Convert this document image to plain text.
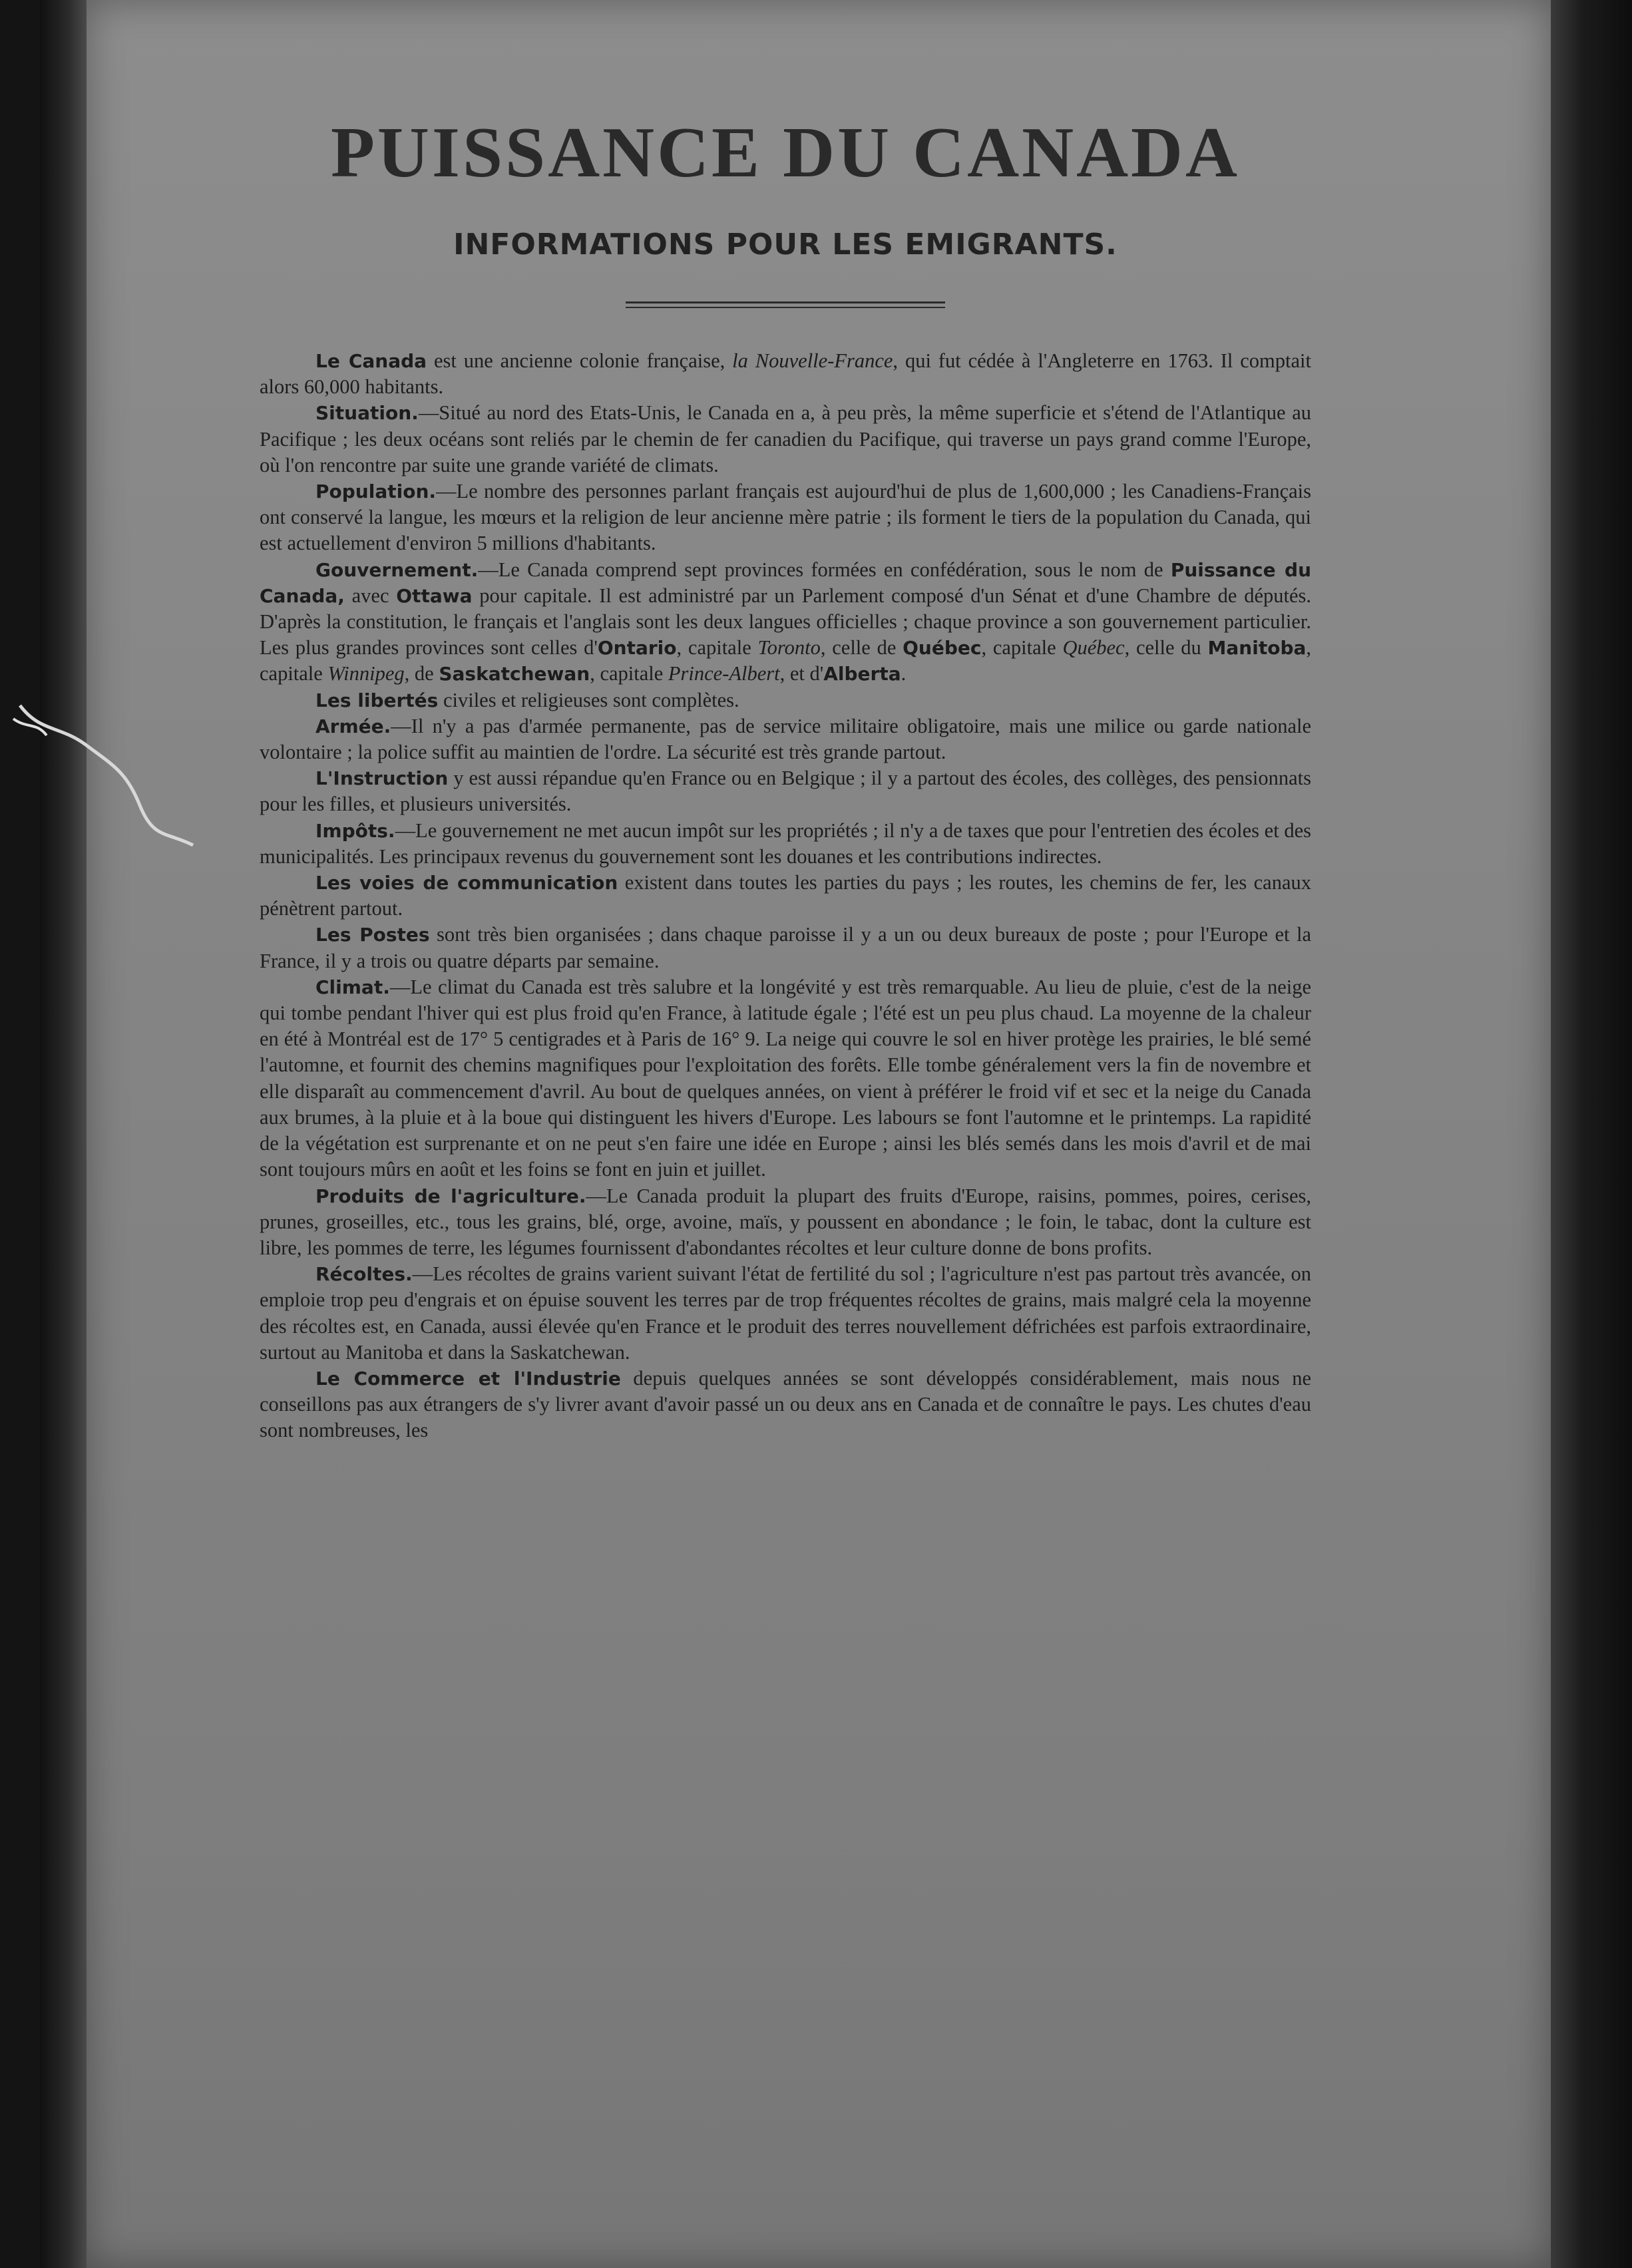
PUISSANCE DU CANADA
INFORMATIONS POUR LES EMIGRANTS.

Le Canada est une ancienne colonie française, la Nouvelle-France, qui fut cédée à l'Angleterre en 1763. Il comptait alors 60,000 habitants.

Situation.—Situé au nord des Etats-Unis, le Canada en a, à peu près, la même superficie et s'étend de l'Atlantique au Pacifique ; les deux océans sont reliés par le chemin de fer canadien du Pacifique, qui traverse un pays grand comme l'Europe, où l'on rencontre par suite une grande variété de climats.

Population.—Le nombre des personnes parlant français est aujourd'hui de plus de 1,600,000 ; les Canadiens-Français ont conservé la langue, les mœurs et la religion de leur ancienne mère patrie ; ils forment le tiers de la population du Canada, qui est actuellement d'environ 5 millions d'habitants.

Gouvernement.—Le Canada comprend sept provinces formées en confédération, sous le nom de Puissance du Canada, avec Ottawa pour capitale. Il est administré par un Parlement composé d'un Sénat et d'une Chambre de députés. D'après la constitution, le français et l'anglais sont les deux langues officielles ; chaque province a son gouvernement particulier. Les plus grandes provinces sont celles d'Ontario, capitale Toronto, celle de Québec, capitale Québec, celle du Manitoba, capitale Winnipeg, de Saskatchewan, capitale Prince-Albert, et d'Alberta.

Les libertés civiles et religieuses sont complètes.

Armée.—Il n'y a pas d'armée permanente, pas de service militaire obligatoire, mais une milice ou garde nationale volontaire ; la police suffit au maintien de l'ordre. La sécurité est très grande partout.

L'Instruction y est aussi répandue qu'en France ou en Belgique ; il y a partout des écoles, des collèges, des pensionnats pour les filles, et plusieurs universités.

Impôts.—Le gouvernement ne met aucun impôt sur les propriétés ; il n'y a de taxes que pour l'entretien des écoles et des municipalités. Les principaux revenus du gouvernement sont les douanes et les contributions indirectes.

Les voies de communication existent dans toutes les parties du pays ; les routes, les chemins de fer, les canaux pénètrent partout.

Les Postes sont très bien organisées ; dans chaque paroisse il y a un ou deux bureaux de poste ; pour l'Europe et la France, il y a trois ou quatre départs par semaine.

Climat.—Le climat du Canada est très salubre et la longévité y est très remarquable. Au lieu de pluie, c'est de la neige qui tombe pendant l'hiver qui est plus froid qu'en France, à latitude égale ; l'été est un peu plus chaud. La moyenne de la chaleur en été à Montréal est de 17° 5 centigrades et à Paris de 16° 9. La neige qui couvre le sol en hiver protège les prairies, le blé semé l'automne, et fournit des chemins magnifiques pour l'exploitation des forêts. Elle tombe généralement vers la fin de novembre et elle disparaît au commencement d'avril. Au bout de quelques années, on vient à préférer le froid vif et sec et la neige du Canada aux brumes, à la pluie et à la boue qui distinguent les hivers d'Europe. Les labours se font l'automne et le printemps. La rapidité de la végétation est surprenante et on ne peut s'en faire une idée en Europe ; ainsi les blés semés dans les mois d'avril et de mai sont toujours mûrs en août et les foins se font en juin et juillet.

Produits de l'agriculture.—Le Canada produit la plupart des fruits d'Europe, raisins, pommes, poires, cerises, prunes, groseilles, etc., tous les grains, blé, orge, avoine, maïs, y poussent en abondance ; le foin, le tabac, dont la culture est libre, les pommes de terre, les légumes fournissent d'abondantes récoltes et leur culture donne de bons profits.

Récoltes.—Les récoltes de grains varient suivant l'état de fertilité du sol ; l'agriculture n'est pas partout très avancée, on emploie trop peu d'engrais et on épuise souvent les terres par de trop fréquentes récoltes de grains, mais malgré cela la moyenne des récoltes est, en Canada, aussi élevée qu'en France et le produit des terres nouvellement défrichées est parfois extraordinaire, surtout au Manitoba et dans la Saskatchewan.

Le Commerce et l'Industrie depuis quelques années se sont développés considérablement, mais nous ne conseillons pas aux étrangers de s'y livrer avant d'avoir passé un ou deux ans en Canada et de connaître le pays. Les chutes d'eau sont nombreuses, les
